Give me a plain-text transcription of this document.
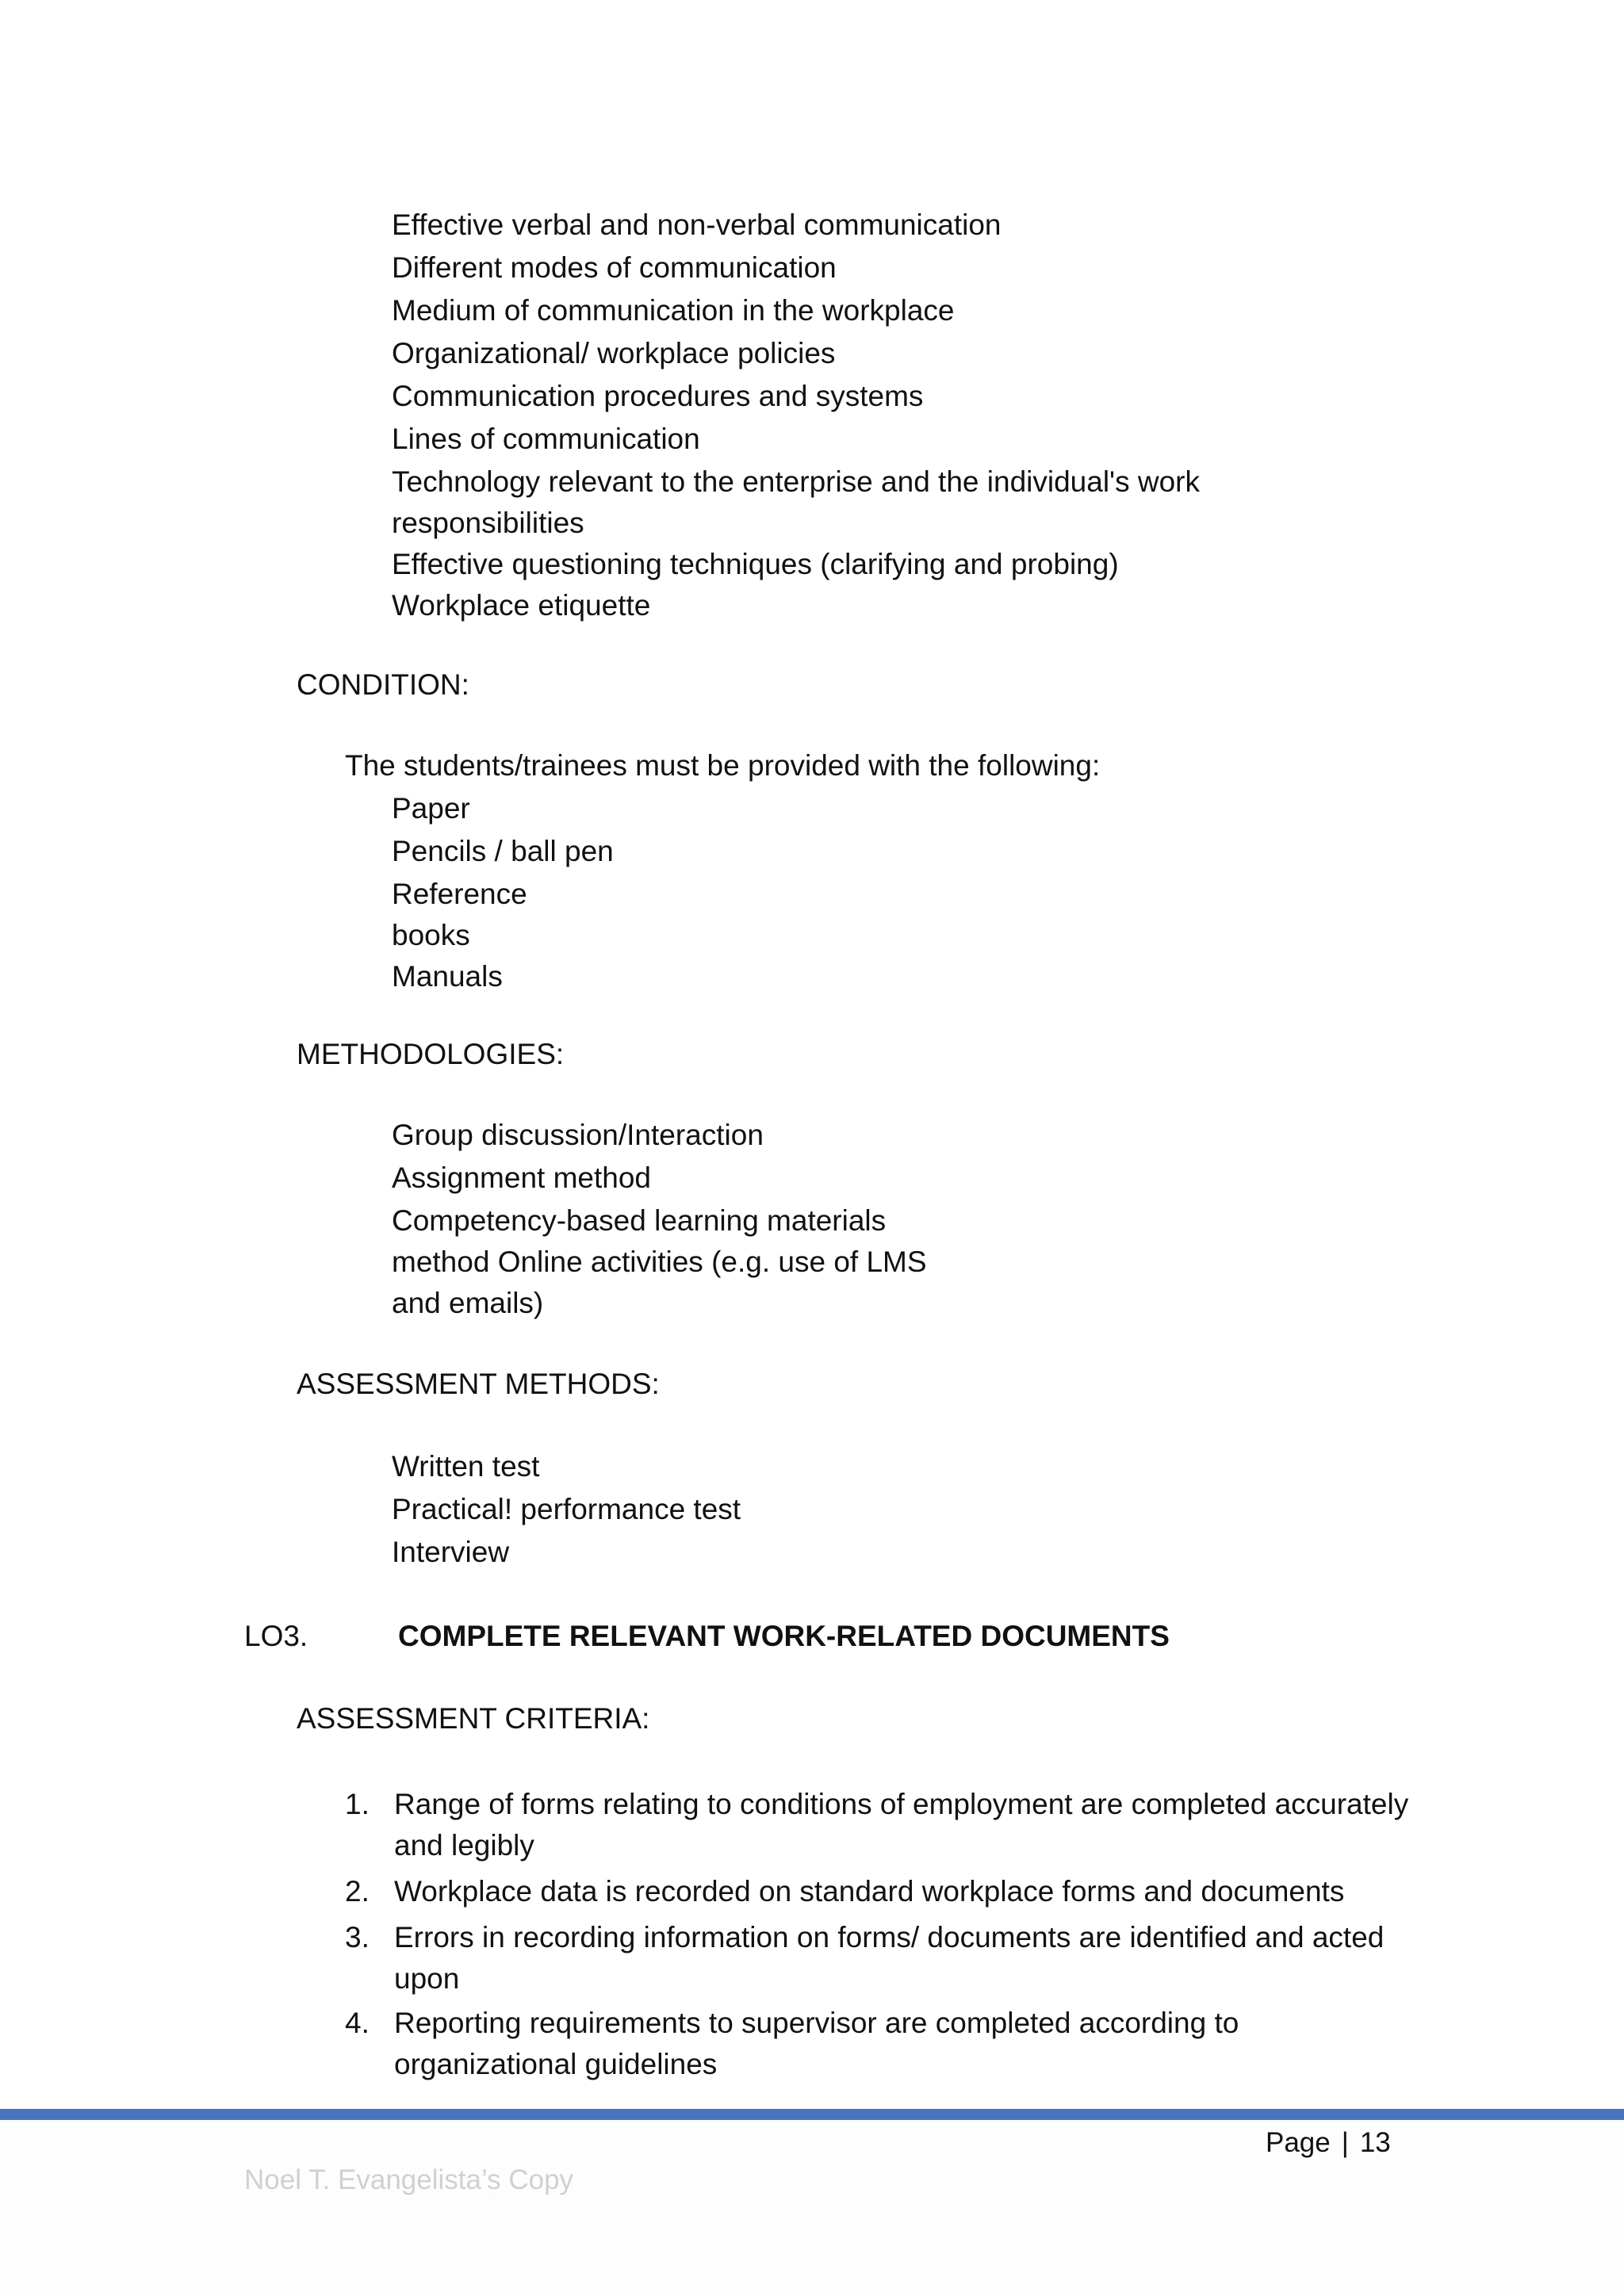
Effective verbal and non-verbal communication
Different modes of communication
Medium of communication in the workplace
Organizational/ workplace policies
Communication procedures and systems
Lines of communication
Technology relevant to the enterprise and the individual's work
responsibilities
Effective questioning techniques (clarifying and probing)
Workplace etiquette
CONDITION:
The students/trainees must be provided with the following:
Paper
Pencils / ball pen
Reference
books
Manuals
METHODOLOGIES:
Group discussion/Interaction
Assignment method
Competency-based learning materials
method Online activities (e.g. use of LMS
and emails)
ASSESSMENT METHODS:
Written test
Practical! performance test
Interview
LO3.	COMPLETE RELEVANT WORK-RELATED DOCUMENTS
ASSESSMENT CRITERIA:
1. Range of forms relating to conditions of employment are completed accurately and legibly
2. Workplace data is recorded on standard workplace forms and documents
3. Errors in recording information on forms/ documents are identified and acted upon
4. Reporting requirements to supervisor are completed according to organizational guidelines
Page | 13
Noel T. Evangelista’s Copy
